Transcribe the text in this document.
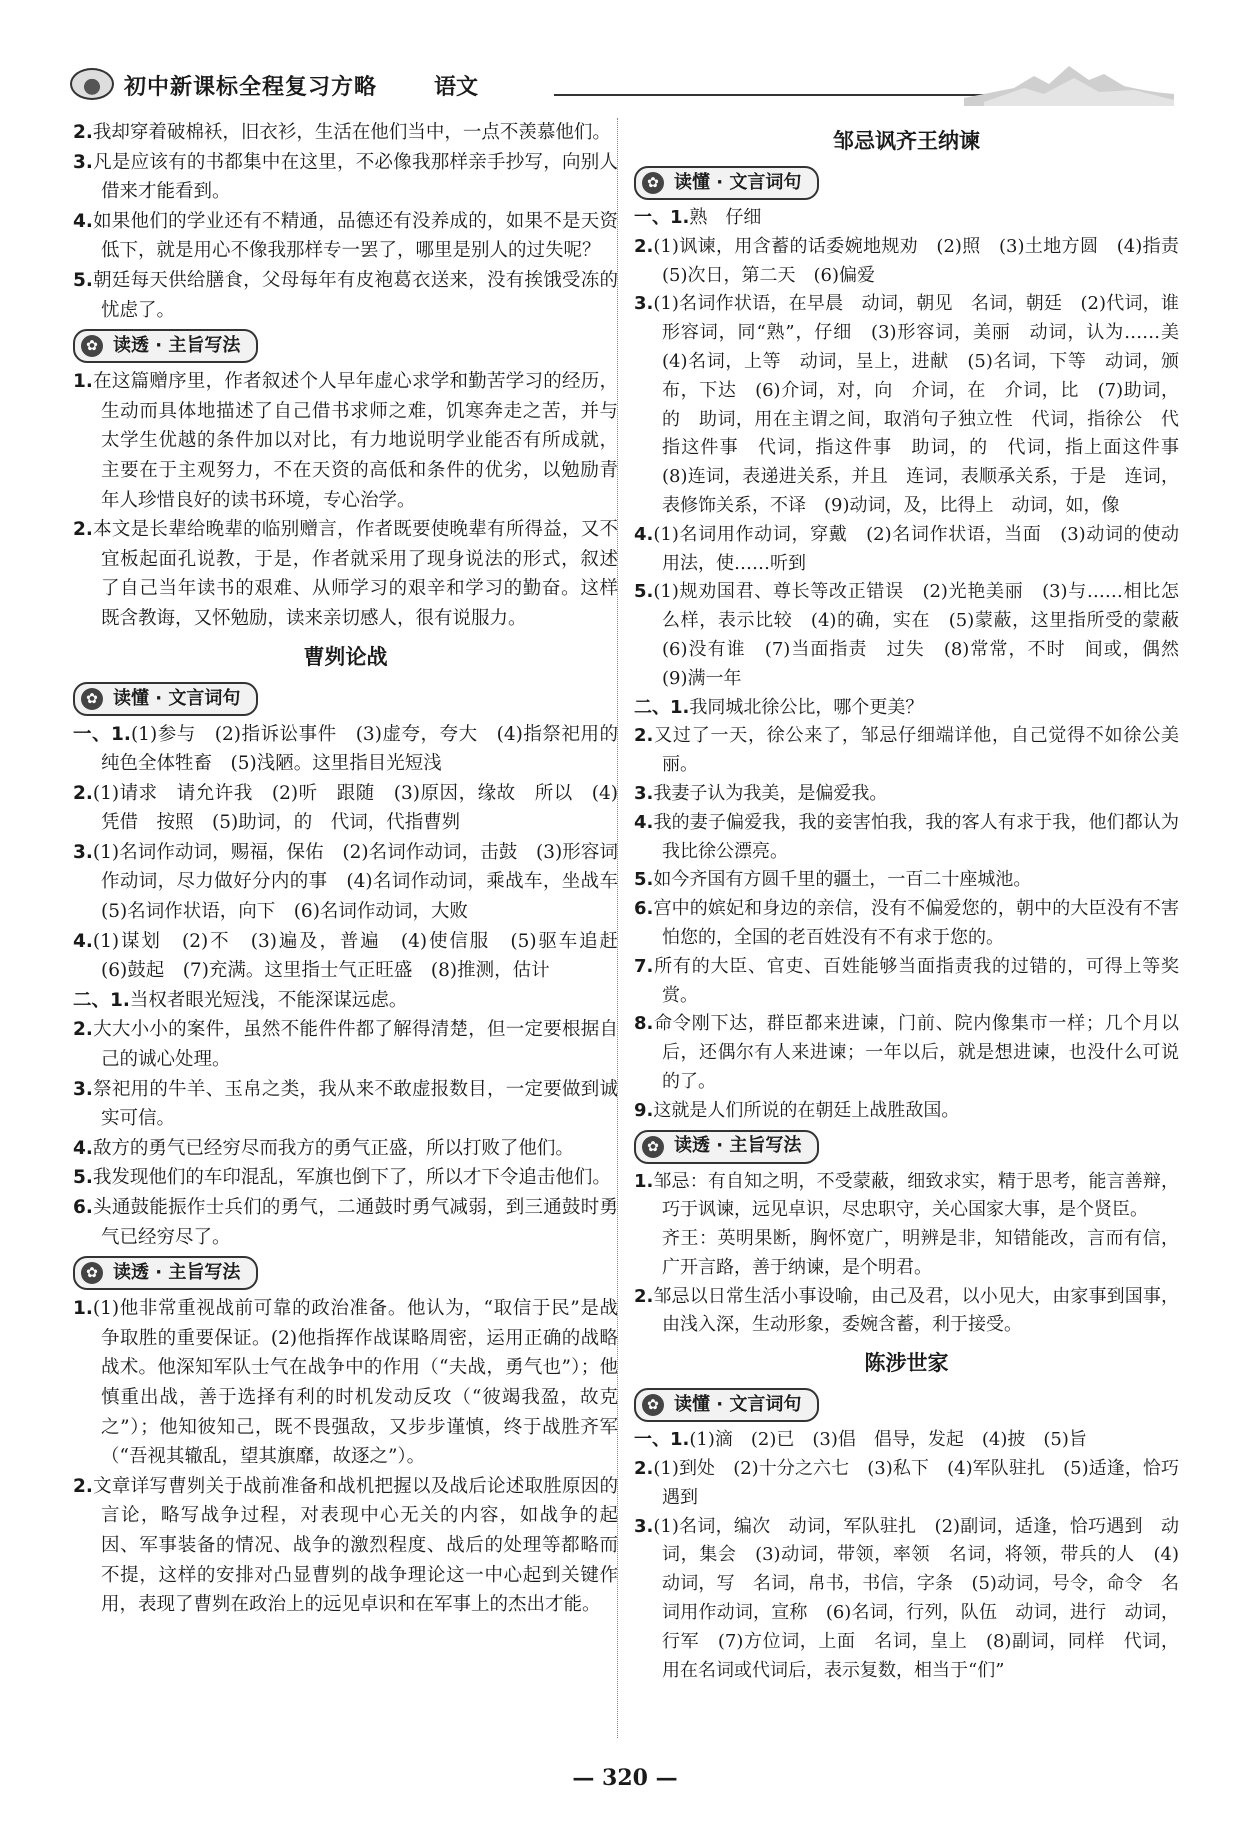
初中新课标全程复习方略	语文

2.我却穿着破棉袄，旧衣衫，生活在他们当中，一点不羡慕他们。

3.凡是应该有的书都集中在这里，不必像我那样亲手抄写，向别人借来才能看到。

4.如果他们的学业还有不精通，品德还有没养成的，如果不是天资低下，就是用心不像我那样专一罢了，哪里是别人的过失呢？

5.朝廷每天供给膳食，父母每年有皮袍葛衣送来，没有挨饿受冻的忧虑了。

✿ 读透 · 主旨写法

1.在这篇赠序里，作者叙述个人早年虚心求学和勤苦学习的经历，生动而具体地描述了自己借书求师之难，饥寒奔走之苦，并与太学生优越的条件加以对比，有力地说明学业能否有所成就，主要在于主观努力，不在天资的高低和条件的优劣，以勉励青年人珍惜良好的读书环境，专心治学。

2.本文是长辈给晚辈的临别赠言，作者既要使晚辈有所得益，又不宜板起面孔说教，于是，作者就采用了现身说法的形式，叙述了自己当年读书的艰难、从师学习的艰辛和学习的勤奋。这样既含教诲，又怀勉励，读来亲切感人，很有说服力。

曹刿论战
✿ 读懂 · 文言词句

一、1.(1)参与　(2)指诉讼事件　(3)虚夸，夸大　(4)指祭祀用的纯色全体牲畜　(5)浅陋。这里指目光短浅

2.(1)请求　请允许我　(2)听　跟随　(3)原因，缘故　所以　(4)凭借　按照　(5)助词，的　代词，代指曹刿

3.(1)名词作动词，赐福，保佑　(2)名词作动词，击鼓　(3)形容词作动词，尽力做好分内的事　(4)名词作动词，乘战车，坐战车　(5)名词作状语，向下　(6)名词作动词，大败

4.(1)谋划　(2)不　(3)遍及，普遍　(4)使信服　(5)驱车追赶　(6)鼓起　(7)充满。这里指士气正旺盛　(8)推测，估计

二、1.当权者眼光短浅，不能深谋远虑。

2.大大小小的案件，虽然不能件件都了解得清楚，但一定要根据自己的诚心处理。

3.祭祀用的牛羊、玉帛之类，我从来不敢虚报数目，一定要做到诚实可信。

4.敌方的勇气已经穷尽而我方的勇气正盛，所以打败了他们。

5.我发现他们的车印混乱，军旗也倒下了，所以才下令追击他们。

6.头通鼓能振作士兵们的勇气，二通鼓时勇气减弱，到三通鼓时勇气已经穷尽了。

✿ 读透 · 主旨写法

1.(1)他非常重视战前可靠的政治准备。他认为，“取信于民”是战争取胜的重要保证。(2)他指挥作战谋略周密，运用正确的战略战术。他深知军队士气在战争中的作用（“夫战，勇气也”）；他慎重出战，善于选择有利的时机发动反攻（“彼竭我盈，故克之”）；他知彼知己，既不畏强敌，又步步谨慎，终于战胜齐军（“吾视其辙乱，望其旗靡，故逐之”）。

2.文章详写曹刿关于战前准备和战机把握以及战后论述取胜原因的言论，略写战争过程，对表现中心无关的内容，如战争的起因、军事装备的情况、战争的激烈程度、战后的处理等都略而不提，这样的安排对凸显曹刿的战争理论这一中心起到关键作用，表现了曹刿在政治上的远见卓识和在军事上的杰出才能。

邹忌讽齐王纳谏
✿ 读懂 · 文言词句

一、1.熟　仔细

2.(1)讽谏，用含蓄的话委婉地规劝　(2)照　(3)土地方圆　(4)指责　(5)次日，第二天　(6)偏爱

3.(1)名词作状语，在早晨　动词，朝见　名词，朝廷　(2)代词，谁　形容词，同“熟”，仔细　(3)形容词，美丽　动词，认为……美　(4)名词，上等　动词，呈上，进献　(5)名词，下等　动词，颁布，下达　(6)介词，对，向　介词，在　介词，比　(7)助词，的　助词，用在主谓之间，取消句子独立性　代词，指徐公　代指这件事　代词，指这件事　助词，的　代词，指上面这件事　(8)连词，表递进关系，并且　连词，表顺承关系，于是　连词，表修饰关系，不译　(9)动词，及，比得上　动词，如，像

4.(1)名词用作动词，穿戴　(2)名词作状语，当面　(3)动词的使动用法，使……听到

5.(1)规劝国君、尊长等改正错误　(2)光艳美丽　(3)与……相比怎么样，表示比较　(4)的确，实在　(5)蒙蔽，这里指所受的蒙蔽　(6)没有谁　(7)当面指责　过失　(8)常常，不时　间或，偶然　(9)满一年

二、1.我同城北徐公比，哪个更美？

2.又过了一天，徐公来了，邹忌仔细端详他，自己觉得不如徐公美丽。

3.我妻子认为我美，是偏爱我。

4.我的妻子偏爱我，我的妾害怕我，我的客人有求于我，他们都认为我比徐公漂亮。

5.如今齐国有方圆千里的疆土，一百二十座城池。

6.宫中的嫔妃和身边的亲信，没有不偏爱您的，朝中的大臣没有不害怕您的，全国的老百姓没有不有求于您的。

7.所有的大臣、官吏、百姓能够当面指责我的过错的，可得上等奖赏。

8.命令刚下达，群臣都来进谏，门前、院内像集市一样；几个月以后，还偶尔有人来进谏；一年以后，就是想进谏，也没什么可说的了。

9.这就是人们所说的在朝廷上战胜敌国。

✿ 读透 · 主旨写法

1.邹忌：有自知之明，不受蒙蔽，细致求实，精于思考，能言善辩，巧于讽谏，远见卓识，尽忠职守，关心国家大事，是个贤臣。

齐王：英明果断，胸怀宽广，明辨是非，知错能改，言而有信，广开言路，善于纳谏，是个明君。

2.邹忌以日常生活小事设喻，由己及君，以小见大，由家事到国事，由浅入深，生动形象，委婉含蓄，利于接受。

陈涉世家
✿ 读懂 · 文言词句

一、1.(1)滴　(2)已　(3)倡　倡导，发起　(4)披　(5)旨

2.(1)到处　(2)十分之六七　(3)私下　(4)军队驻扎　(5)适逢，恰巧遇到

3.(1)名词，编次　动词，军队驻扎　(2)副词，适逢，恰巧遇到　动词，集会　(3)动词，带领，率领　名词，将领，带兵的人　(4)动词，写　名词，帛书，书信，字条　(5)动词，号令，命令　名词用作动词，宣称　(6)名词，行列，队伍　动词，进行　动词，行军　(7)方位词，上面　名词，皇上　(8)副词，同样　代词，用在名词或代词后，表示复数，相当于“们”

— 320 —
